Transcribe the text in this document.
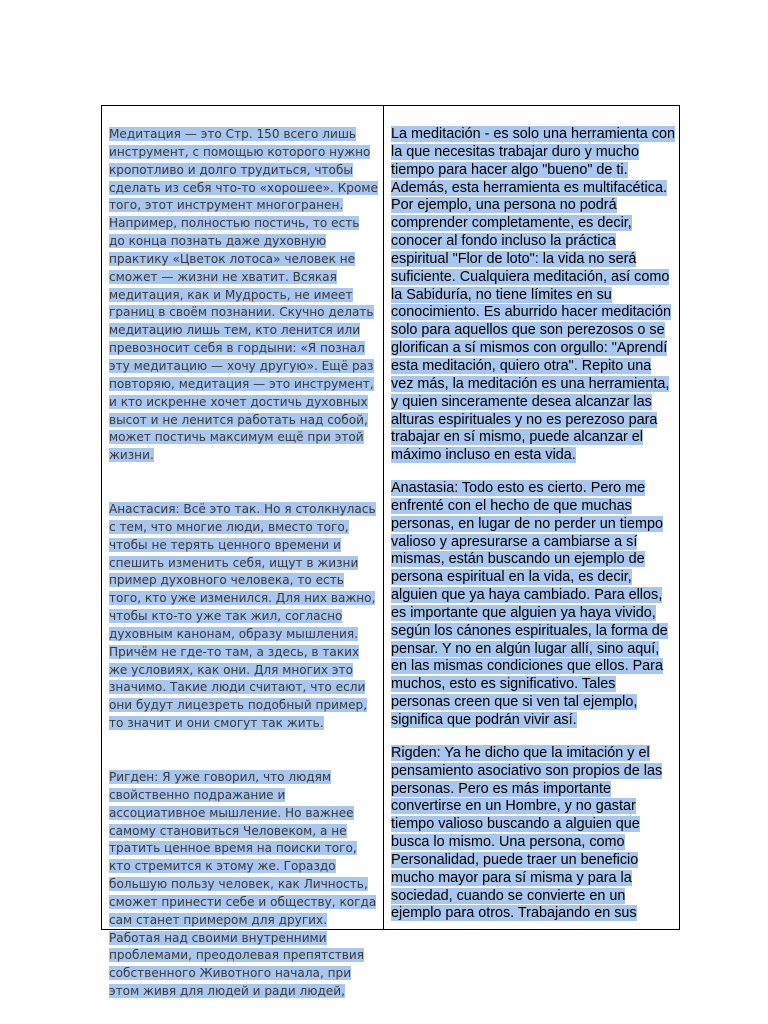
Медитация — это Стр. 150 всего лишь инструмент, с помощью которого нужно кропотливо и долго трудиться, чтобы сделать из себя что-то «хорошее». Кроме того, этот инструмент многогранен. Например, полностью постичь, то есть до конца познать даже духовную практику «Цветок лотоса» человек не сможет — жизни не хватит. Всякая медитация, как и Мудрость, не имеет границ в своём познании. Скучно делать медитацию лишь тем, кто ленится или превозносит себя в гордыни: «Я познал эту медитацию — хочу другую». Ещё раз повторяю, медитация — это инструмент, и кто искренне хочет достичь духовных высот и не ленится работать над собой, может постичь максимум ещё при этой жизни.

Анастасия: Всё это так. Но я столкнулась с тем, что многие люди, вместо того, чтобы не терять ценного времени и спешить изменить себя, ищут в жизни пример духовного человека, то есть того, кто уже изменился. Для них важно, чтобы кто-то уже так жил, согласно духовным канонам, образу мышления. Причём не где-то там, а здесь, в таких же условиях, как они. Для многих это значимо. Такие люди считают, что если они будут лицезреть подобный пример, то значит и они смогут так жить.

Ригден: Я уже говорил, что людям свойственно подражание и ассоциативное мышление. Но важнее самому становиться Человеком, а не тратить ценное время на поиски того, кто стремится к этому же. Гораздо большую пользу человек, как Личность, сможет принести себе и обществу, когда сам станет примером для других. Работая над своими внутренними проблемами, преодолевая препятствия собственного Животного начала, при этом живя для людей и ради людей,

La meditación - es solo una herramienta con la que necesitas trabajar duro y mucho tiempo para hacer algo "bueno" de ti. Además, esta herramienta es multifacética. Por ejemplo, una persona no podrá comprender completamente, es decir, conocer al fondo incluso la práctica espiritual "Flor de loto": la vida no será suficiente. Cualquiera meditación, así como la Sabiduría, no tiene límites en su conocimiento. Es aburrido hacer meditación solo para aquellos que son perezosos o se glorifican a sí mismos con orgullo: "Aprendí esta meditación, quiero otra". Repito una vez más, la meditación es una herramienta, y quien sinceramente desea alcanzar las alturas espirituales y no es perezoso para trabajar en sí mismo, puede alcanzar el máximo incluso en esta vida.

Anastasia: Todo esto es cierto. Pero me enfrenté con el hecho de que muchas personas, en lugar de no perder un tiempo valioso y apresurarse a cambiarse a sí mismas, están buscando un ejemplo de persona espiritual en la vida, es decir, alguien que ya haya cambiado. Para ellos, es importante que alguien ya haya vivido, según los cánones espirituales, la forma de pensar. Y no en algún lugar allí, sino aquí, en las mismas condiciones que ellos. Para muchos, esto es significativo. Tales personas creen que si ven tal ejemplo, significa que podrán vivir así.

Rigden: Ya he dicho que la imitación y el pensamiento asociativo son propios de las personas. Pero es más importante convertirse en un Hombre, y no gastar tiempo valioso buscando a alguien que busca lo mismo. Una persona, como Personalidad, puede traer un beneficio mucho mayor para sí misma y para la sociedad, cuando se convierte en un ejemplo para otros. Trabajando en sus
